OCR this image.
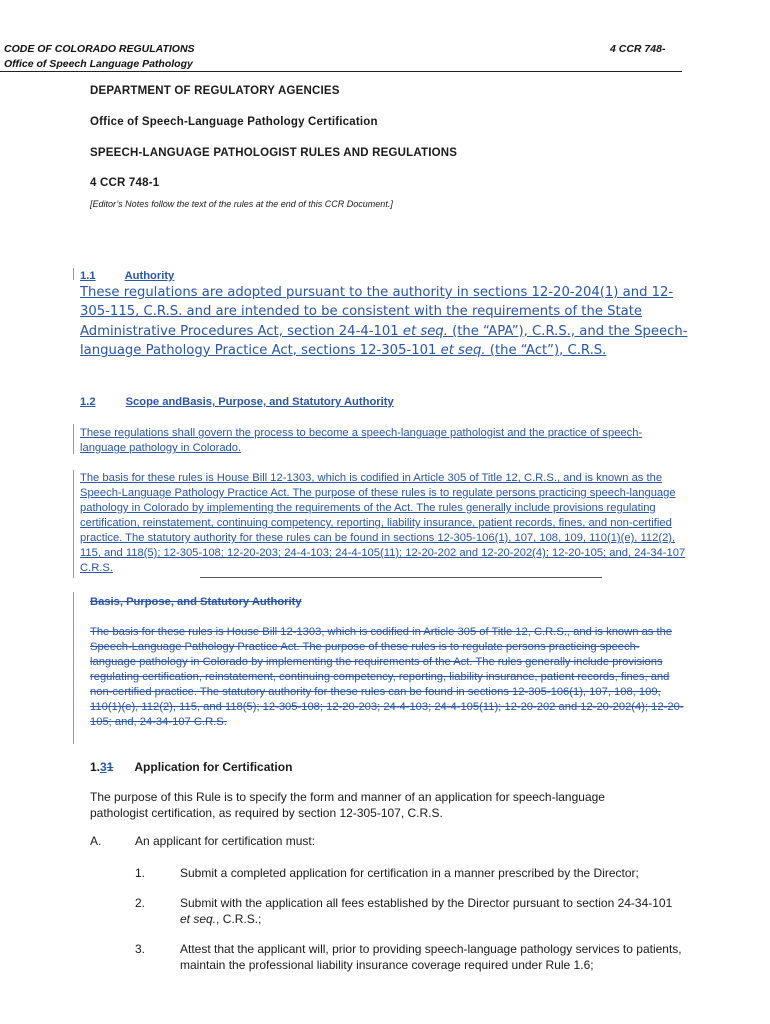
CODE OF COLORADO REGULATIONS
Office of Speech Language Pathology
4 CCR 748-
DEPARTMENT OF REGULATORY AGENCIES
Office of Speech-Language Pathology Certification
SPEECH-LANGUAGE PATHOLOGIST RULES AND REGULATIONS
4 CCR 748-1
[Editor’s Notes follow the text of the rules at the end of this CCR Document.]
1.1	Authority
These regulations are adopted pursuant to the authority in sections 12-20-204(1) and 12-305-115, C.R.S. and are intended to be consistent with the requirements of the State Administrative Procedures Act, section 24-4-101 et seq. (the “APA”), C.R.S., and the Speech-language Pathology Practice Act, sections 12-305-101 et seq. (the “Act”), C.R.S.
1.2	Scope andBasis, Purpose, and Statutory Authority
These regulations shall govern the process to become a speech-language pathologist and the practice of speech-language pathology in Colorado.
The basis for these rules is House Bill 12-1303, which is codified in Article 305 of Title 12, C.R.S., and is known as the Speech-Language Pathology Practice Act. The purpose of these rules is to regulate persons practicing speech-language pathology in Colorado by implementing the requirements of the Act. The rules generally include provisions regulating certification, reinstatement, continuing competency, reporting, liability insurance, patient records, fines, and non-certified practice. The statutory authority for these rules can be found in sections 12-305-106(1), 107, 108, 109, 110(1)(e), 112(2), 115, and 118(5); 12-305-108; 12-20-203; 24-4-103; 24-4-105(11); 12-20-202 and 12-20-202(4); 12-20-105; and, 24-34-107 C.R.S.
Basis, Purpose, and Statutory Authority
The basis for these rules is House Bill 12-1303, which is codified in Article 305 of Title 12, C.R.S., and is known as the Speech-Language Pathology Practice Act. The purpose of these rules is to regulate persons practicing speech-language pathology in Colorado by implementing the requirements of the Act. The rules generally include provisions regulating certification, reinstatement, continuing competency, reporting, liability insurance, patient records, fines, and non-certified practice. The statutory authority for these rules can be found in sections 12-305-106(1), 107, 108, 109, 110(1)(e), 112(2), 115, and 118(5); 12-305-108; 12-20-203; 24-4-103; 24-4-105(11); 12-20-202 and 12-20-202(4); 12-20-105; and, 24-34-107 C.R.S.
1.31 Application for Certification
The purpose of this Rule is to specify the form and manner of an application for speech-language pathologist certification, as required by section 12-305-107, C.R.S.
A.	An applicant for certification must:
1.	Submit a completed application for certification in a manner prescribed by the Director;
2.	Submit with the application all fees established by the Director pursuant to section 24-34-101 et seq., C.R.S.;
3.	Attest that the applicant will, prior to providing speech-language pathology services to patients, maintain the professional liability insurance coverage required under Rule 1.6;
